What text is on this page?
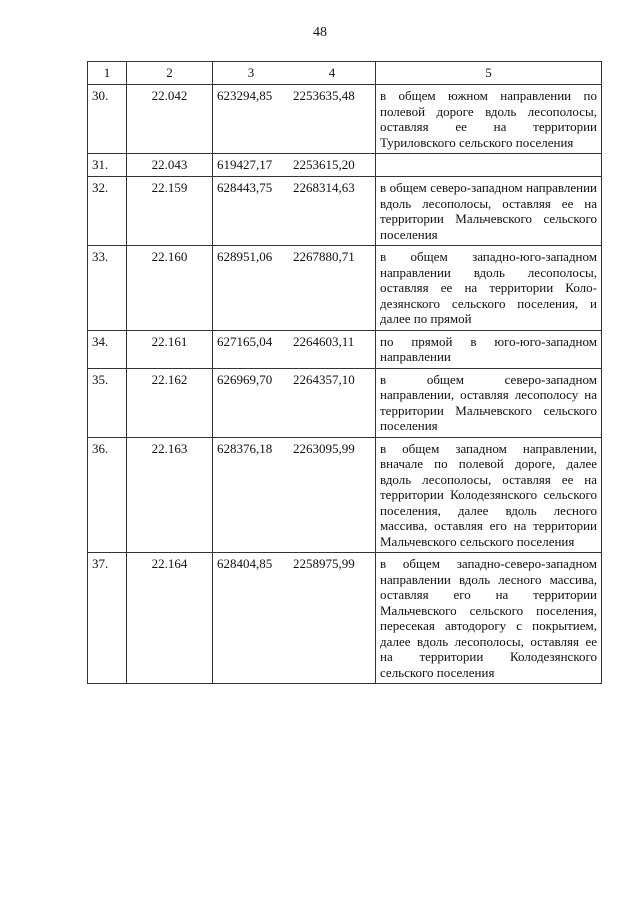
48
1	2	3 4	5
30.	22.042	623294,85 2253635,48	в общем южном направлении по полевой дороге вдоль лесополосы, оставляя ее на территории Туриловского сельского поселения
31.	22.043	619427,17 2253615,20	
32.	22.159	628443,75 2268314,63	в общем северо-западном направлении вдоль лесополосы, оставляя ее на территории Мальчевского сельского поселения
33.	22.160	628951,06 2267880,71	в общем западно-юго-западном направлении вдоль лесополосы, оставляя ее на территории Колодезянского сельского поселения, и далее по прямой
34.	22.161	627165,04 2264603,11	по прямой в юго-юго-западном направлении
35.	22.162	626969,70 2264357,10	в общем северо-западном направлении, оставляя лесополосу на территории Мальчевского сельского поселения
36.	22.163	628376,18 2263095,99	в общем западном направлении, вначале по полевой дороге, далее вдоль лесополосы, оставляя ее на территории Колодезянского сельского поселения, далее вдоль лесного массива, оставляя его на территории Мальчевского сельского поселения
37.	22.164	628404,85 2258975,99	в общем западно-северо-западном направлении вдоль лесного массива, оставляя его на территории Мальчевского сельского поселения, пересекая автодорогу с покрытием, далее вдоль лесополосы, оставляя ее на территории Колодезянского сельского поселения
